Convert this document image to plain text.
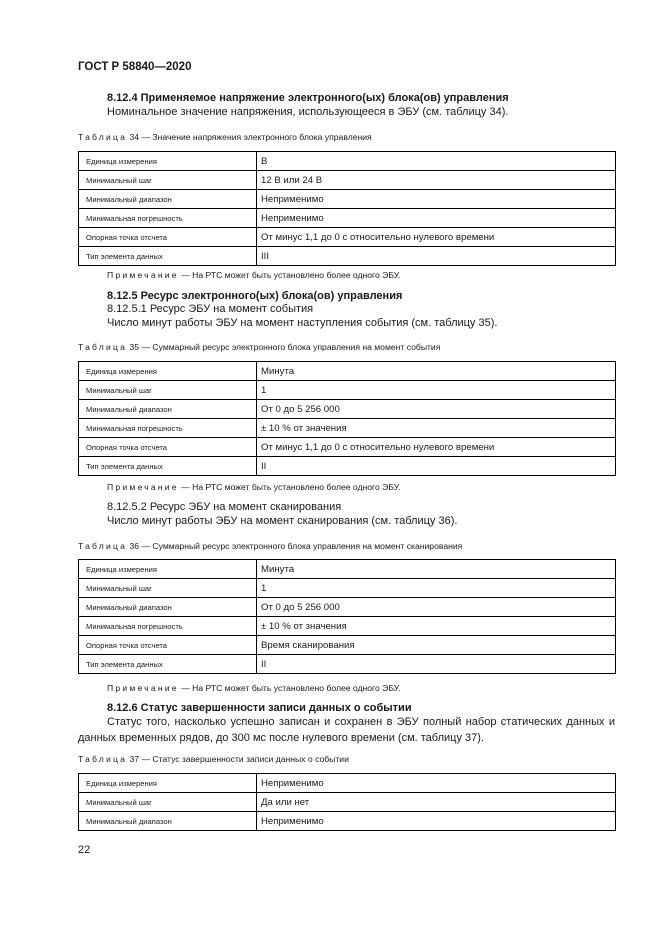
ГОСТ Р 58840—2020
8.12.4 Применяемое напряжение электронного(ых) блока(ов) управления
Номинальное значение напряжения, использующееся в ЭБУ (см. таблицу 34).
Таблица 34 — Значение напряжения электронного блока управления
Единица измерения	В
Минимальный шаг	12 В или 24 В
Минимальный диапазон	Неприменимо
Минимальная погрешность	Неприменимо
Опорная точка отсчета	От минус 1,1 до 0 с относительно нулевого времени
Тип элемента данных	III
Примечание — На РТС может быть установлено более одного ЭБУ.
8.12.5 Ресурс электронного(ых) блока(ов) управления
8.12.5.1 Ресурс ЭБУ на момент события
Число минут работы ЭБУ на момент наступления события (см. таблицу 35).
Таблица 35 — Суммарный ресурс электронного блока управления на момент события
Единица измерения	Минута
Минимальный шаг	1
Минимальный диапазон	От 0 до 5 256 000
Минимальная погрешность	± 10 % от значения
Опорная точка отсчета	От минус 1,1 до 0 с относительно нулевого времени
Тип элемента данных	II
Примечание — На РТС может быть установлено более одного ЭБУ.
8.12.5.2 Ресурс ЭБУ на момент сканирования
Число минут работы ЭБУ на момент сканирования (см. таблицу 36).
Таблица 36 — Суммарный ресурс электронного блока управления на момент сканирования
Единица измерения	Минута
Минимальный шаг	1
Минимальный диапазон	От 0 до 5 256 000
Минимальная погрешность	± 10 % от значения
Опорная точка отсчета	Время сканирования
Тип элемента данных	II
Примечание — На РТС может быть установлено более одного ЭБУ.
8.12.6 Статус завершенности записи данных о событии
Статус того, насколько успешно записан и сохранен в ЭБУ полный набор статических данных и данных временных рядов, до 300 мс после нулевого времени (см. таблицу 37).
Таблица 37 — Статус завершенности записи данных о событии
Единица измерения	Неприменимо
Минимальный шаг	Да или нет
Минимальный диапазон	Неприменимо
22
